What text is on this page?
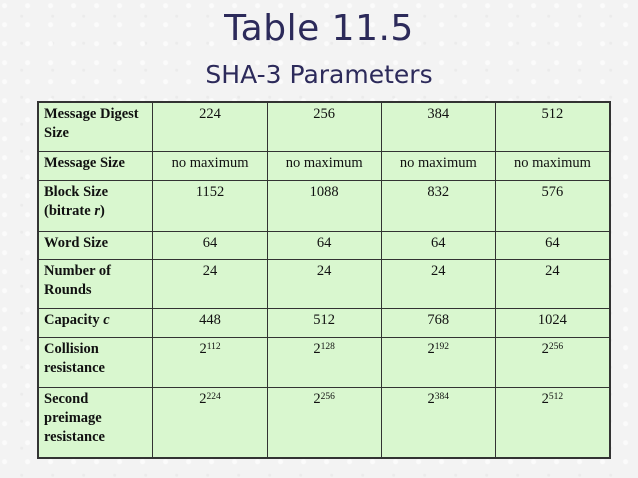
Table 11.5
SHA-3 Parameters
Message Digest Size	224	256	384	512
Message Size	no maximum	no maximum	no maximum	no maximum
Block Size
(bitrate r)	1152	1088	832	576
Word Size	64	64	64	64
Number of Rounds	24	24	24	24
Capacity c	448	512	768	1024
Collision resistance	$2^{112}$	$2^{128}$	$2^{192}$	$2^{256}$
Second preimage resistance	$2^{224}$	$2^{256}$	$2^{384}$	$2^{512}$
